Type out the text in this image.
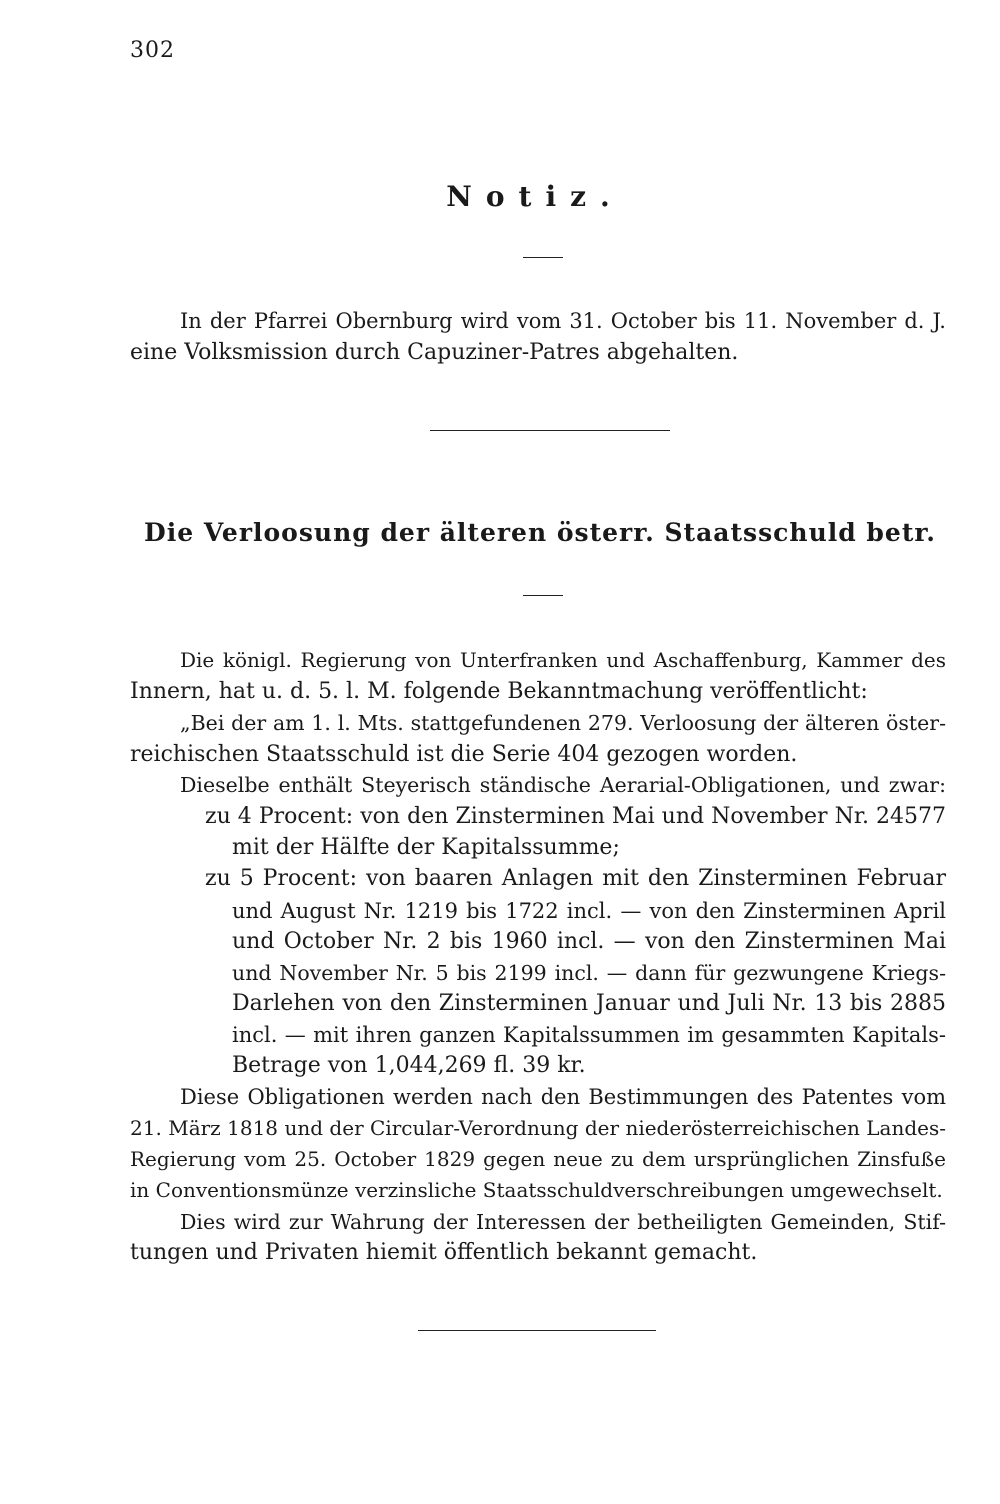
302
Notiz.
In der Pfarrei Obernburg wird vom 31. October bis 11. November d. J.
eine Volksmission durch Capuziner-Patres abgehalten.
Die Verloosung der älteren österr. Staatsschuld betr.
Die königl. Regierung von Unterfranken und Aschaffenburg, Kammer des
Innern, hat u. d. 5. l. M. folgende Bekanntmachung veröffentlicht:
„Bei der am 1. l. Mts. stattgefundenen 279. Verloosung der älteren öster-
reichischen Staatsschuld ist die Serie 404 gezogen worden.
Dieselbe enthält Steyerisch ständische Aerarial-Obligationen, und zwar:
zu 4 Procent: von den Zinsterminen Mai und November Nr. 24577
mit der Hälfte der Kapitalssumme;
zu 5 Procent: von baaren Anlagen mit den Zinsterminen Februar
und August Nr. 1219 bis 1722 incl. — von den Zinsterminen April
und October Nr. 2 bis 1960 incl. — von den Zinsterminen Mai
und November Nr. 5 bis 2199 incl. — dann für gezwungene Kriegs-
Darlehen von den Zinsterminen Januar und Juli Nr. 13 bis 2885
incl. — mit ihren ganzen Kapitalssummen im gesammten Kapitals-
Betrage von 1,044,269 fl. 39 kr.
Diese Obligationen werden nach den Bestimmungen des Patentes vom
21. März 1818 und der Circular-Verordnung der niederösterreichischen Landes-
Regierung vom 25. October 1829 gegen neue zu dem ursprünglichen Zinsfuße
in Conventionsmünze verzinsliche Staatsschuldverschreibungen umgewechselt.
Dies wird zur Wahrung der Interessen der betheiligten Gemeinden, Stif-
tungen und Privaten hiemit öffentlich bekannt gemacht.
